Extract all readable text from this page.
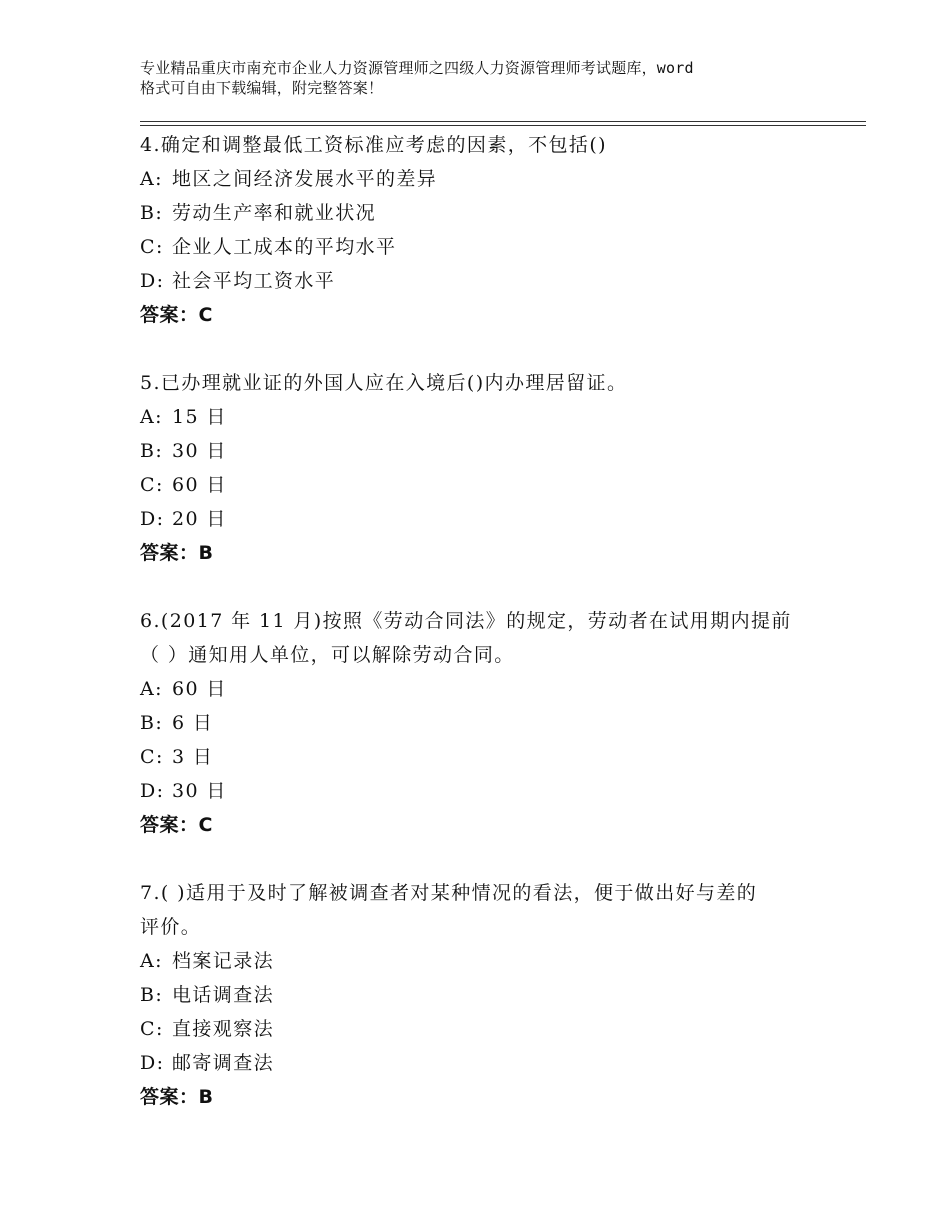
专业精品重庆市南充市企业人力资源管理师之四级人力资源管理师考试题库，word
格式可自由下载编辑，附完整答案！
4.确定和调整最低工资标准应考虑的因素，不包括()
A: 地区之间经济发展水平的差异
B: 劳动生产率和就业状况
C: 企业人工成本的平均水平
D: 社会平均工资水平
答案：C
5.已办理就业证的外国人应在入境后()内办理居留证。
A: 15 日
B: 30 日
C: 60 日
D: 20 日
答案：B
6.(2017 年 11 月)按照《劳动合同法》的规定，劳动者在试用期内提前
（ ）通知用人单位，可以解除劳动合同。
A: 60 日
B: 6 日
C: 3 日
D: 30 日
答案：C
7.( )适用于及时了解被调查者对某种情况的看法，便于做出好与差的
评价。
A: 档案记录法
B: 电话调查法
C: 直接观察法
D: 邮寄调查法
答案：B
